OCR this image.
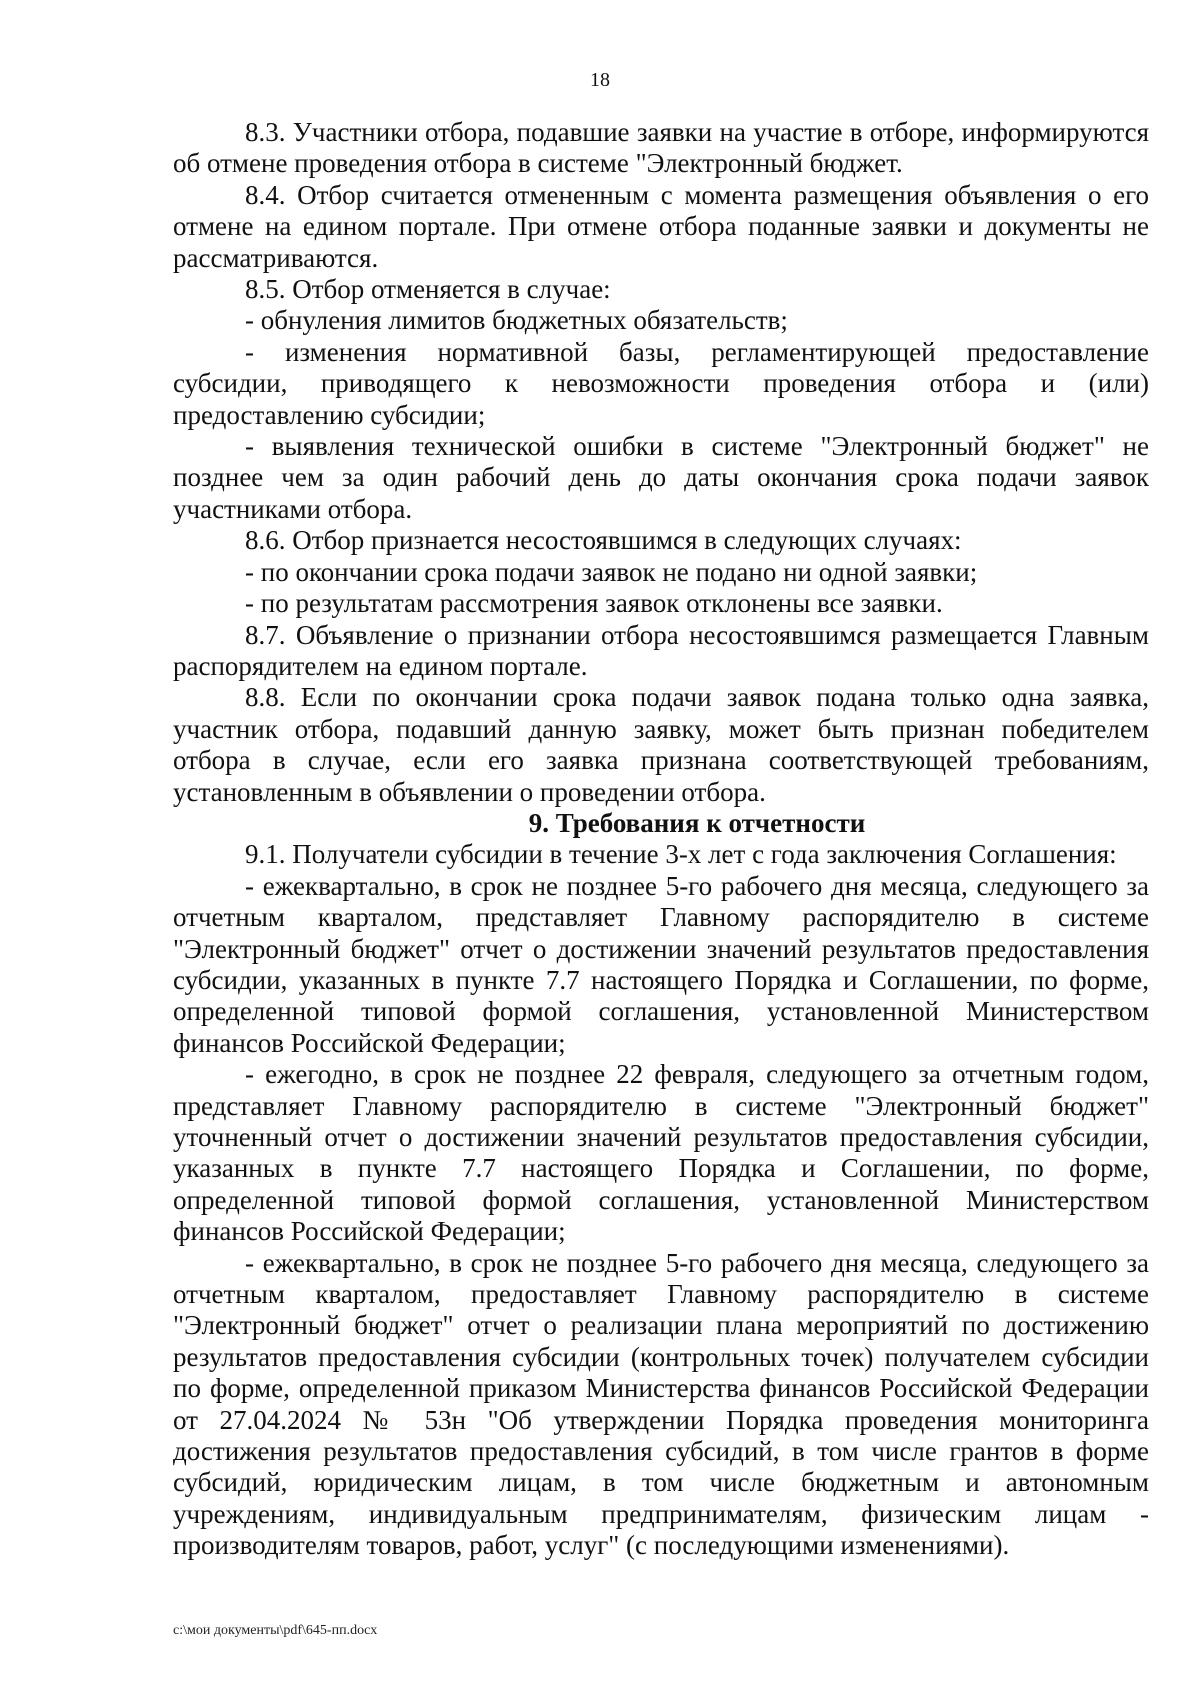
18

8.3. Участники отбора, подавшие заявки на участие в отборе, информируются об отмене проведения отбора в системе "Электронный бюджет.

8.4. Отбор считается отмененным с момента размещения объявления о его отмене на едином портале. При отмене отбора поданные заявки и документы не рассматриваются.

8.5. Отбор отменяется в случае:

- обнуления лимитов бюджетных обязательств;

- изменения нормативной базы, регламентирующей предоставление субсидии, приводящего к невозможности проведения отбора и (или) предоставлению субсидии;

- выявления технической ошибки в системе "Электронный бюджет" не позднее чем за один рабочий день до даты окончания срока подачи заявок участниками отбора.

8.6. Отбор признается несостоявшимся в следующих случаях:

- по окончании срока подачи заявок не подано ни одной заявки;

- по результатам рассмотрения заявок отклонены все заявки.

8.7. Объявление о признании отбора несостоявшимся размещается Главным распорядителем на едином портале.

8.8. Если по окончании срока подачи заявок подана только одна заявка, участник отбора, подавший данную заявку, может быть признан победителем отбора в случае, если его заявка признана соответствующей требованиям, установленным в объявлении о проведении отбора.

9. Требования к отчетности

9.1. Получатели субсидии в течение 3-х лет с года заключения Соглашения:

- ежеквартально, в срок не позднее 5-го рабочего дня месяца, следующего за отчетным кварталом, представляет Главному распорядителю в системе "Электронный бюджет" отчет о достижении значений результатов предоставления субсидии, указанных в пункте 7.7 настоящего Порядка и Соглашении, по форме, определенной типовой формой соглашения, установленной Министерством финансов Российской Федерации;

- ежегодно, в срок не позднее 22 февраля, следующего за отчетным годом, представляет Главному распорядителю в системе "Электронный бюджет" уточненный отчет о достижении значений результатов предоставления субсидии, указанных в пункте 7.7 настоящего Порядка и Соглашении, по форме, определенной типовой формой соглашения, установленной Министерством финансов Российской Федерации;

- ежеквартально, в срок не позднее 5-го рабочего дня месяца, следующего за отчетным кварталом, предоставляет Главному распорядителю в системе "Электронный бюджет" отчет о реализации плана мероприятий по достижению результатов предоставления субсидии (контрольных точек) получателем субсидии по форме, определенной приказом Министерства финансов Российской Федерации от 27.04.2024 № 53н "Об утверждении Порядка проведения мониторинга достижения результатов предоставления субсидий, в том числе грантов в форме субсидий, юридическим лицам, в том числе бюджетным и автономным учреждениям, индивидуальным предпринимателям, физическим лицам - производителям товаров, работ, услуг" (с последующими изменениями).

c:\мои документы\pdf\645-пп.docx
